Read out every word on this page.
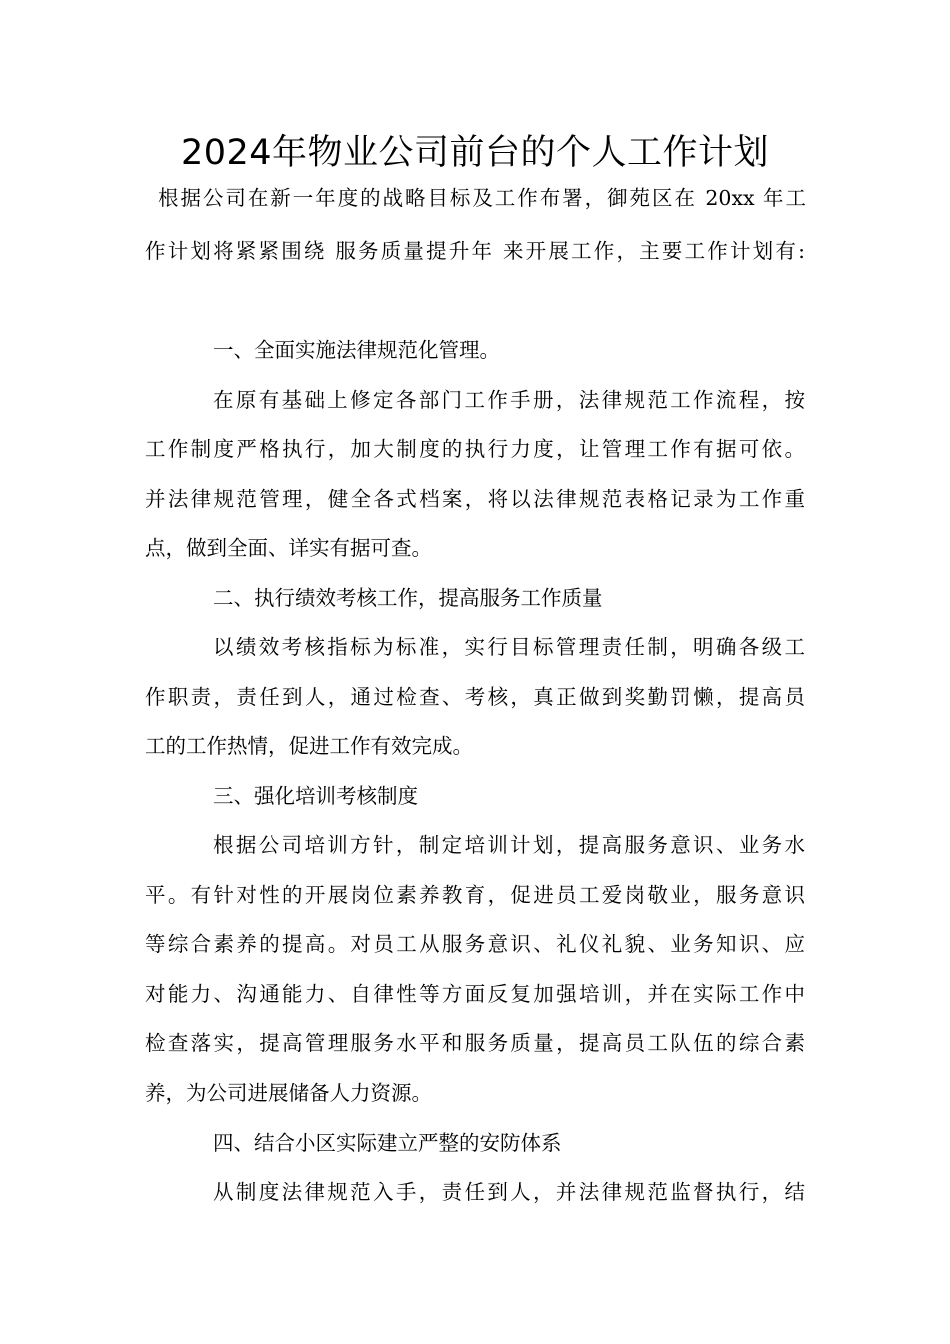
2024年物业公司前台的个人工作计划
根据公司在新一年度的战略目标及工作布署，御苑区在 20xx 年工
作计划将紧紧围绕 服务质量提升年 来开展工作，主要工作计划有:
一、全面实施法律规范化管理。
在原有基础上修定各部门工作手册，法律规范工作流程，按
工作制度严格执行，加大制度的执行力度，让管理工作有据可依。
并法律规范管理，健全各式档案，将以法律规范表格记录为工作重
点，做到全面、详实有据可查。
二、执行绩效考核工作，提高服务工作质量
以绩效考核指标为标准，实行目标管理责任制，明确各级工
作职责，责任到人，通过检查、考核，真正做到奖勤罚懒，提高员
工的工作热情，促进工作有效完成。
三、强化培训考核制度
根据公司培训方针，制定培训计划，提高服务意识、业务水
平。有针对性的开展岗位素养教育，促进员工爱岗敬业，服务意识
等综合素养的提高。对员工从服务意识、礼仪礼貌、业务知识、应
对能力、沟通能力、自律性等方面反复加强培训，并在实际工作中
检查落实，提高管理服务水平和服务质量，提高员工队伍的综合素
养，为公司进展储备人力资源。
四、结合小区实际建立严整的安防体系
从制度法律规范入手，责任到人，并法律规范监督执行，结
